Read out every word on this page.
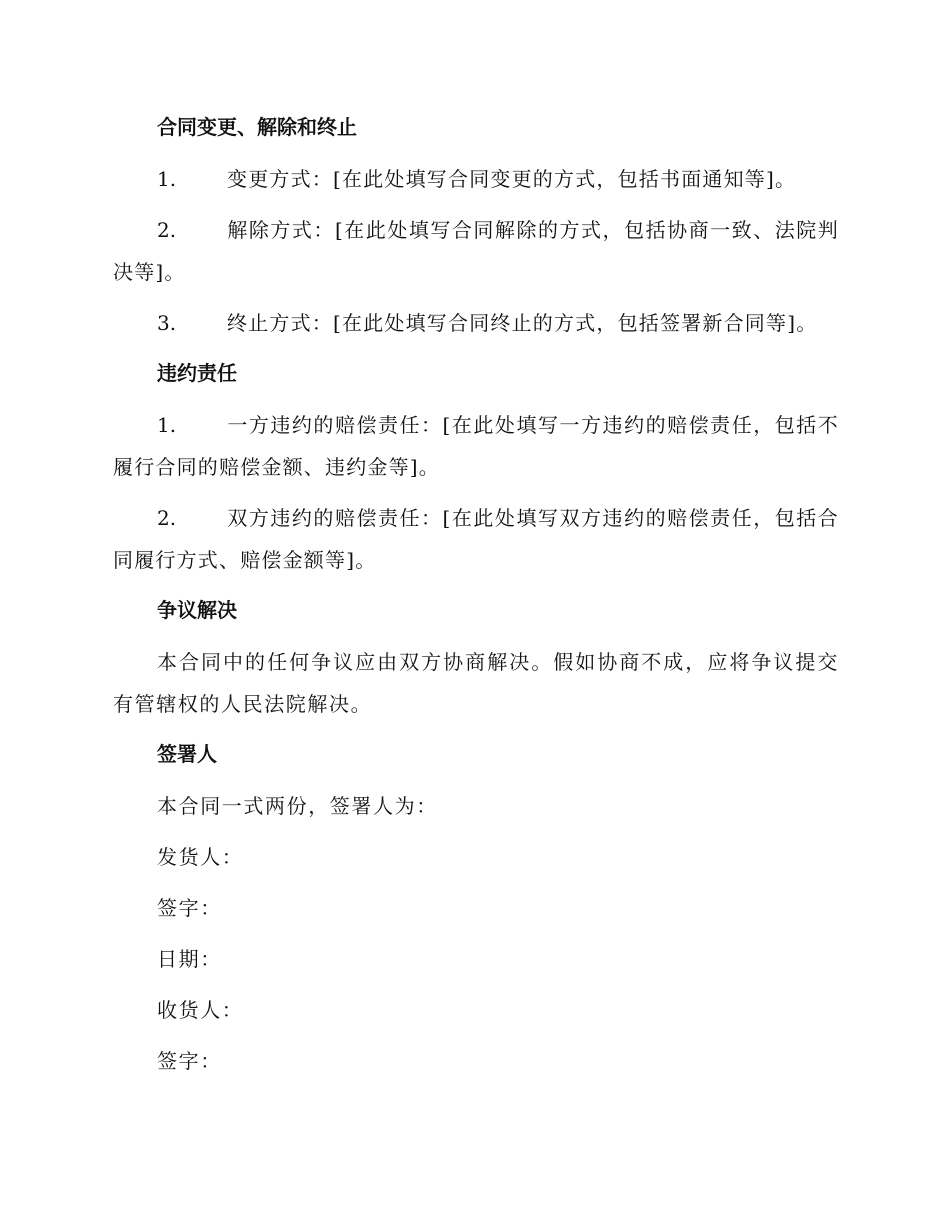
合同变更、解除和终止
1.	变更方式：[在此处填写合同变更的方式，包括书面通知等]。
2.	解除方式：[在此处填写合同解除的方式，包括协商一致、法院判决等]。
3.	终止方式：[在此处填写合同终止的方式，包括签署新合同等]。
违约责任
1.	一方违约的赔偿责任：[在此处填写一方违约的赔偿责任，包括不履行合同的赔偿金额、违约金等]。
2.	双方违约的赔偿责任：[在此处填写双方违约的赔偿责任，包括合同履行方式、赔偿金额等]。
争议解决
本合同中的任何争议应由双方协商解决。假如协商不成，应将争议提交有管辖权的人民法院解决。
签署人
本合同一式两份，签署人为：
发货人：
签字：
日期：
收货人：
签字：
